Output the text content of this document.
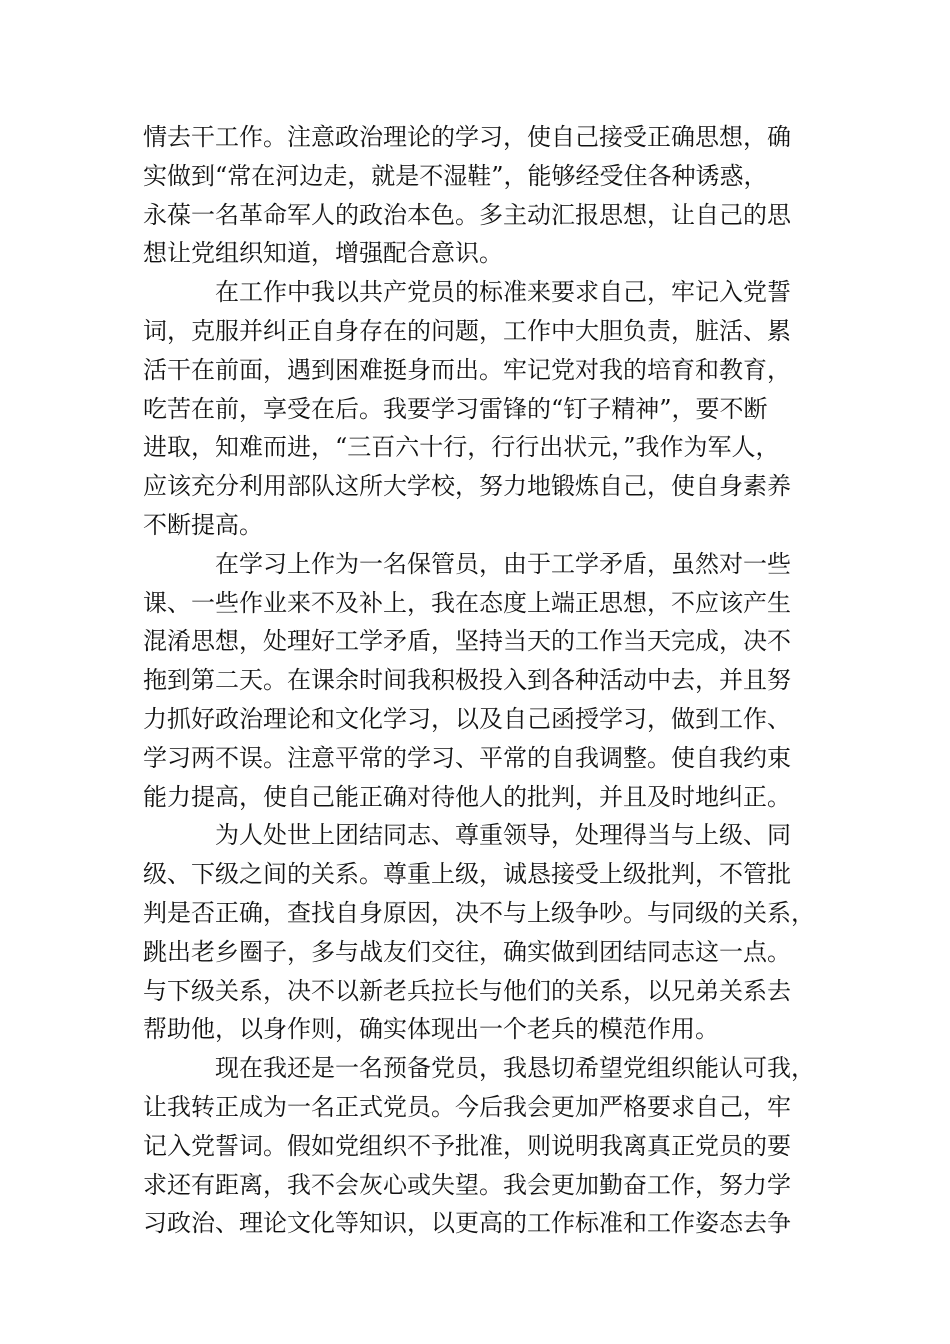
情去干工作。注意政治理论的学习，使自己接受正确思想，确
实做到“常在河边走，就是不湿鞋”，能够经受住各种诱惑，
永葆一名革命军人的政治本色。多主动汇报思想，让自己的思
想让党组织知道，增强配合意识。
在工作中我以共产党员的标准来要求自己，牢记入党誓
词，克服并纠正自身存在的问题，工作中大胆负责，脏活、累
活干在前面，遇到困难挺身而出。牢记党对我的培育和教育，
吃苦在前，享受在后。我要学习雷锋的“钉子精神”，要不断
进取，知难而进，“三百六十行，行行出状元，”我作为军人，
应该充分利用部队这所大学校，努力地锻炼自己，使自身素养
不断提高。
在学习上作为一名保管员，由于工学矛盾，虽然对一些
课、一些作业来不及补上，我在态度上端正思想，不应该产生
混淆思想，处理好工学矛盾，坚持当天的工作当天完成，决不
拖到第二天。在课余时间我积极投入到各种活动中去，并且努
力抓好政治理论和文化学习，以及自己函授学习，做到工作、
学习两不误。注意平常的学习、平常的自我调整。使自我约束
能力提高，使自己能正确对待他人的批判，并且及时地纠正。
为人处世上团结同志、尊重领导，处理得当与上级、同
级、下级之间的关系。尊重上级，诚恳接受上级批判，不管批
判是否正确，查找自身原因，决不与上级争吵。与同级的关系，
跳出老乡圈子，多与战友们交往，确实做到团结同志这一点。
与下级关系，决不以新老兵拉长与他们的关系，以兄弟关系去
帮助他，以身作则，确实体现出一个老兵的模范作用。
现在我还是一名预备党员，我恳切希望党组织能认可我，
让我转正成为一名正式党员。今后我会更加严格要求自己，牢
记入党誓词。假如党组织不予批准，则说明我离真正党员的要
求还有距离，我不会灰心或失望。我会更加勤奋工作，努力学
习政治、理论文化等知识，以更高的工作标准和工作姿态去争
